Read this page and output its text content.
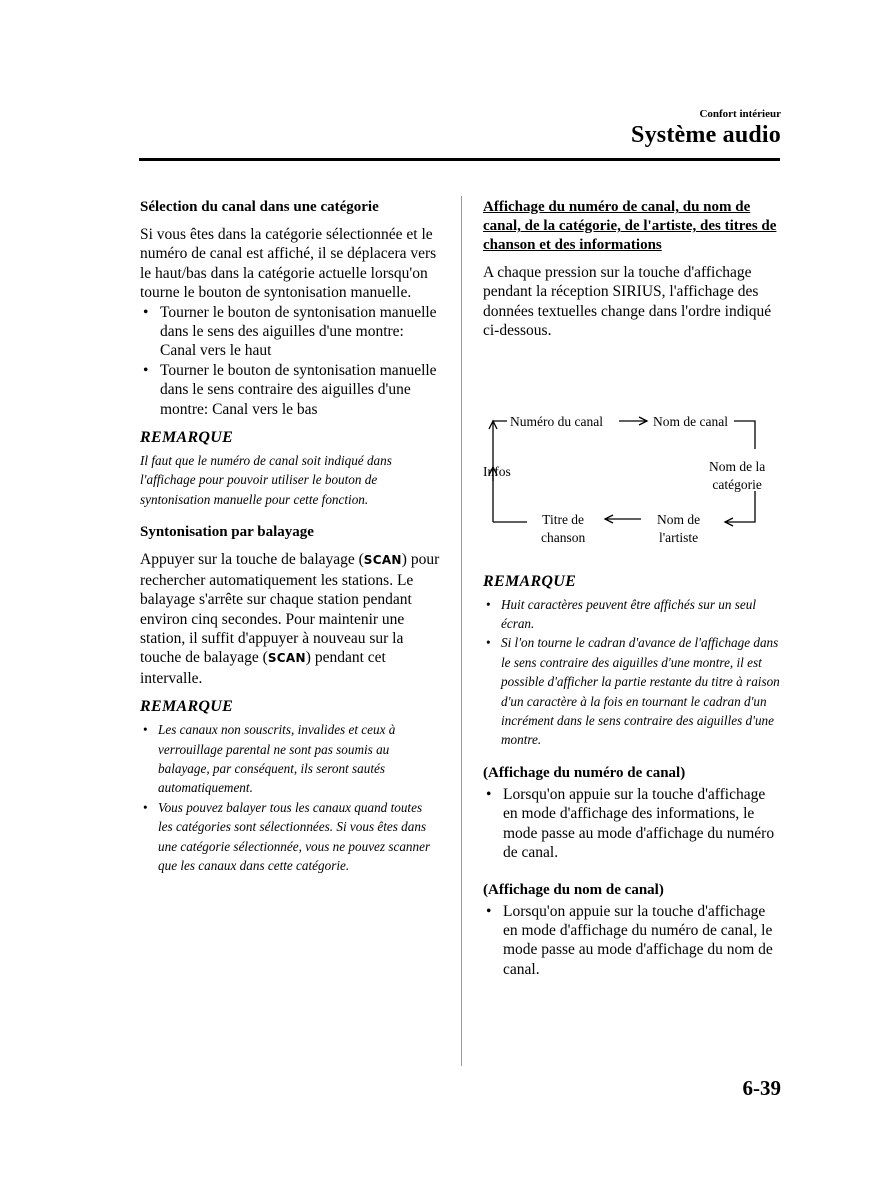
Confort intérieur
Système audio
Sélection du canal dans une catégorie

Si vous êtes dans la catégorie sélectionnée et le numéro de canal est affiché, il se déplacera vers le haut/bas dans la catégorie actuelle lorsqu'on tourne le bouton de syntonisation manuelle.

• Tourner le bouton de syntonisation manuelle dans le sens des aiguilles d'une montre: Canal vers le haut
• Tourner le bouton de syntonisation manuelle dans le sens contraire des aiguilles d'une montre: Canal vers le bas
REMARQUE

Il faut que le numéro de canal soit indiqué dans l'affichage pour pouvoir utiliser le bouton de syntonisation manuelle pour cette fonction.

Syntonisation par balayage

Appuyer sur la touche de balayage (SCAN) pour rechercher automatiquement les stations. Le balayage s'arrête sur chaque station pendant environ cinq secondes. Pour maintenir une station, il suffit d'appuyer à nouveau sur la touche de balayage (SCAN) pendant cet intervalle.

REMARQUE
• Les canaux non souscrits, invalides et ceux à verrouillage parental ne sont pas soumis au balayage, par conséquent, ils seront sautés automatiquement.
• Vous pouvez balayer tous les canaux quand toutes les catégories sont sélectionnées. Si vous êtes dans une catégorie sélectionnée, vous ne pouvez scanner que les canaux dans cette catégorie.
Affichage du numéro de canal, du nom de canal, de la catégorie, de l'artiste, des titres de chanson et des informations

A chaque pression sur la touche d'affichage pendant la réception SIRIUS, l'affichage des données textuelles change dans l'ordre indiqué ci-dessous.

Numéro du canal	Nom de canal
Infos	Nom de la
catégorie
Nom de
l'artiste
Titre de
chanson
REMARQUE
• Huit caractères peuvent être affichés sur un seul écran.
• Si l'on tourne le cadran d'avance de l'affichage dans le sens contraire des aiguilles d'une montre, il est possible d'afficher la partie restante du titre à raison d'un caractère à la fois en tournant le cadran d'un incrément dans le sens contraire des aiguilles d'une montre.
(Affichage du numéro de canal)
• Lorsqu'on appuie sur la touche d'affichage en mode d'affichage des informations, le mode passe au mode d'affichage du numéro de canal.
(Affichage du nom de canal)
• Lorsqu'on appuie sur la touche d'affichage en mode d'affichage du numéro de canal, le mode passe au mode d'affichage du nom de canal.
6-39
